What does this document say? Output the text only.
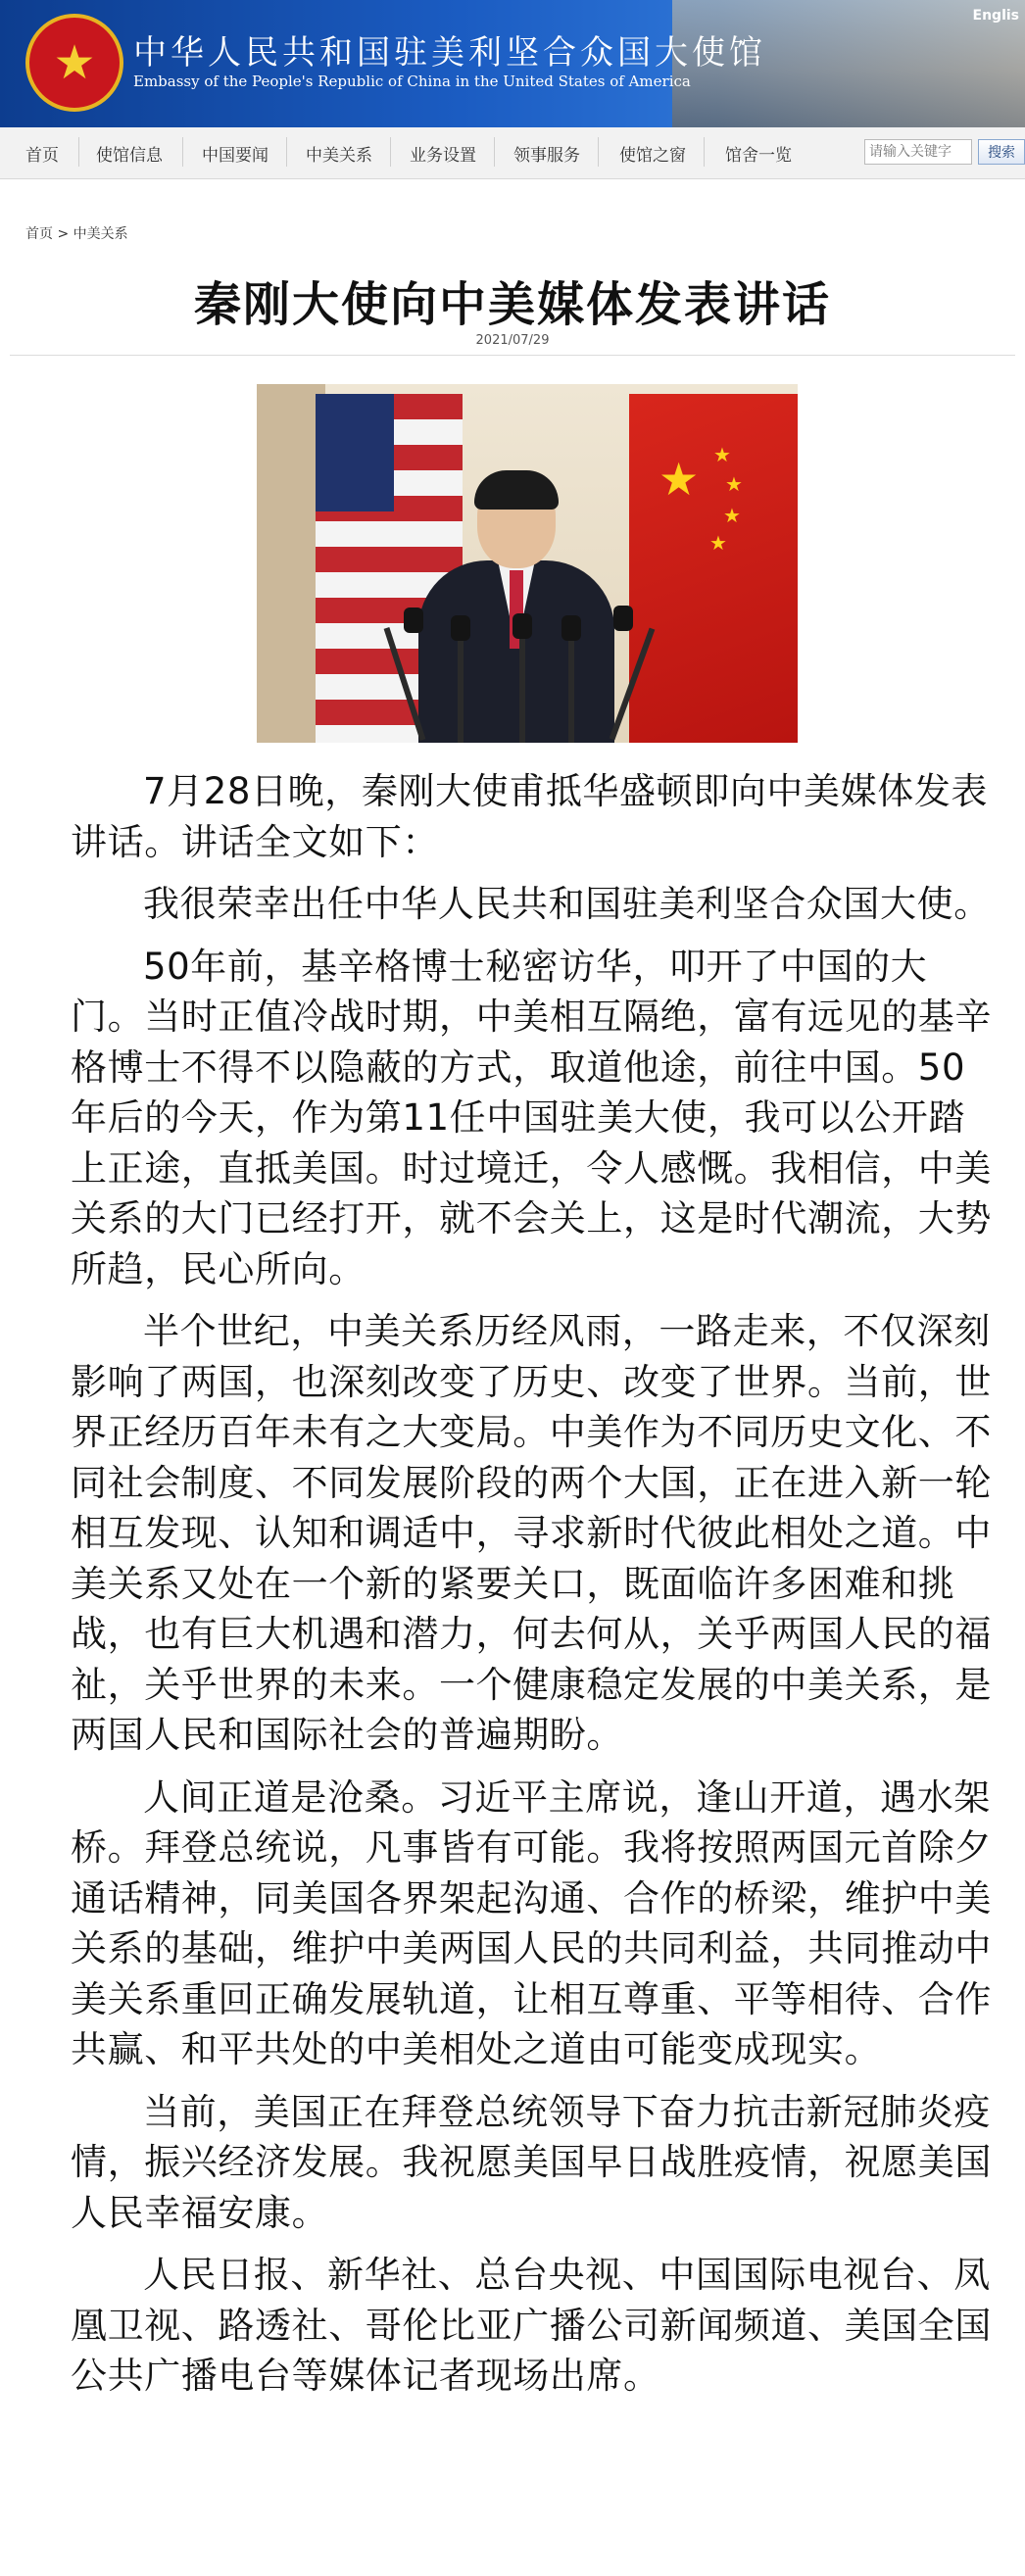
★ 中华人民共和国驻美利坚合众国大使馆
Embassy of the People's Republic of China in the United States of America
Englis
首页 使馆信息 中国要闻 中美关系 业务设置 领事服务 使馆之窗 馆舍一览
请输入关键字	搜索
首页 > 中美关系
秦刚大使向中美媒体发表讲话
2021/07/29
★ ★
★
★
★

7月28日晚，秦刚大使甫抵华盛顿即向中美媒体发表讲话。讲话全文如下：

我很荣幸出任中华人民共和国驻美利坚合众国大使。

50年前，基辛格博士秘密访华，叩开了中国的大门。当时正值冷战时期，中美相互隔绝，富有远见的基辛格博士不得不以隐蔽的方式，取道他途，前往中国。50年后的今天，作为第11任中国驻美大使，我可以公开踏上正途，直抵美国。时过境迁，令人感慨。我相信，中美关系的大门已经打开，就不会关上，这是时代潮流，大势所趋，民心所向。

半个世纪，中美关系历经风雨，一路走来，不仅深刻影响了两国，也深刻改变了历史、改变了世界。当前，世界正经历百年未有之大变局。中美作为不同历史文化、不同社会制度、不同发展阶段的两个大国，正在进入新一轮相互发现、认知和调适中，寻求新时代彼此相处之道。中美关系又处在一个新的紧要关口，既面临许多困难和挑战，也有巨大机遇和潜力，何去何从，关乎两国人民的福祉，关乎世界的未来。一个健康稳定发展的中美关系，是两国人民和国际社会的普遍期盼。

人间正道是沧桑。习近平主席说，逢山开道，遇水架桥。拜登总统说，凡事皆有可能。我将按照两国元首除夕通话精神，同美国各界架起沟通、合作的桥梁，维护中美关系的基础，维护中美两国人民的共同利益，共同推动中美关系重回正确发展轨道，让相互尊重、平等相待、合作共赢、和平共处的中美相处之道由可能变成现实。

当前，美国正在拜登总统领导下奋力抗击新冠肺炎疫情，振兴经济发展。我祝愿美国早日战胜疫情，祝愿美国人民幸福安康。

人民日报、新华社、总台央视、中国国际电视台、凤凰卫视、路透社、哥伦比亚广播公司新闻频道、美国全国公共广播电台等媒体记者现场出席。
